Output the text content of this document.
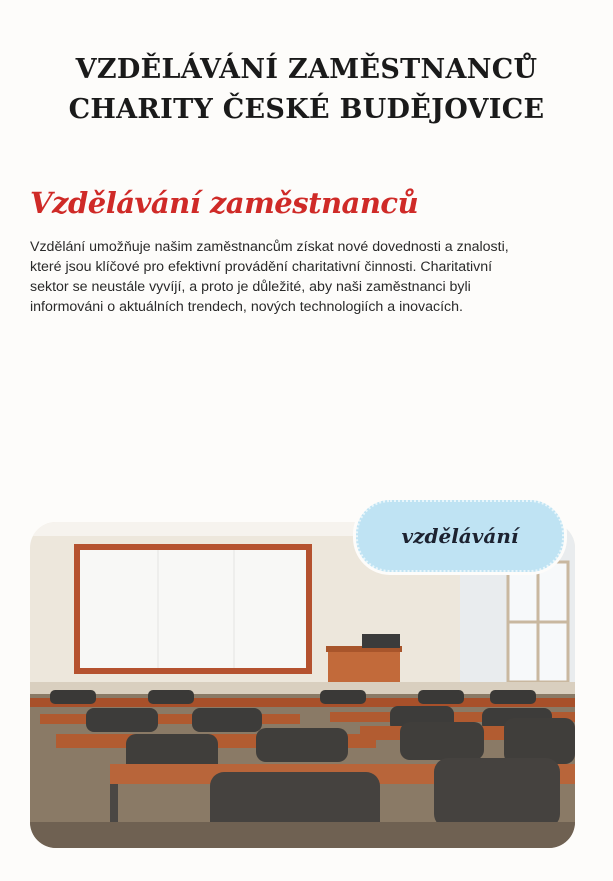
VZDĚLÁVÁNÍ ZAMĚSTNANCŮ
CHARITY ČESKÉ BUDĚJOVICE
Vzdělávání zaměstnanců
Vzdělání umožňuje našim zaměstnancům získat nové dovednosti a znalosti,
které jsou klíčové pro efektivní provádění charitativní činnosti. Charitativní
sektor se neustále vyvíjí, a proto je důležité, aby naši zaměstnanci byli
informováni o aktuálních trendech, nových technologiích a inovacích.
vzdělávání
